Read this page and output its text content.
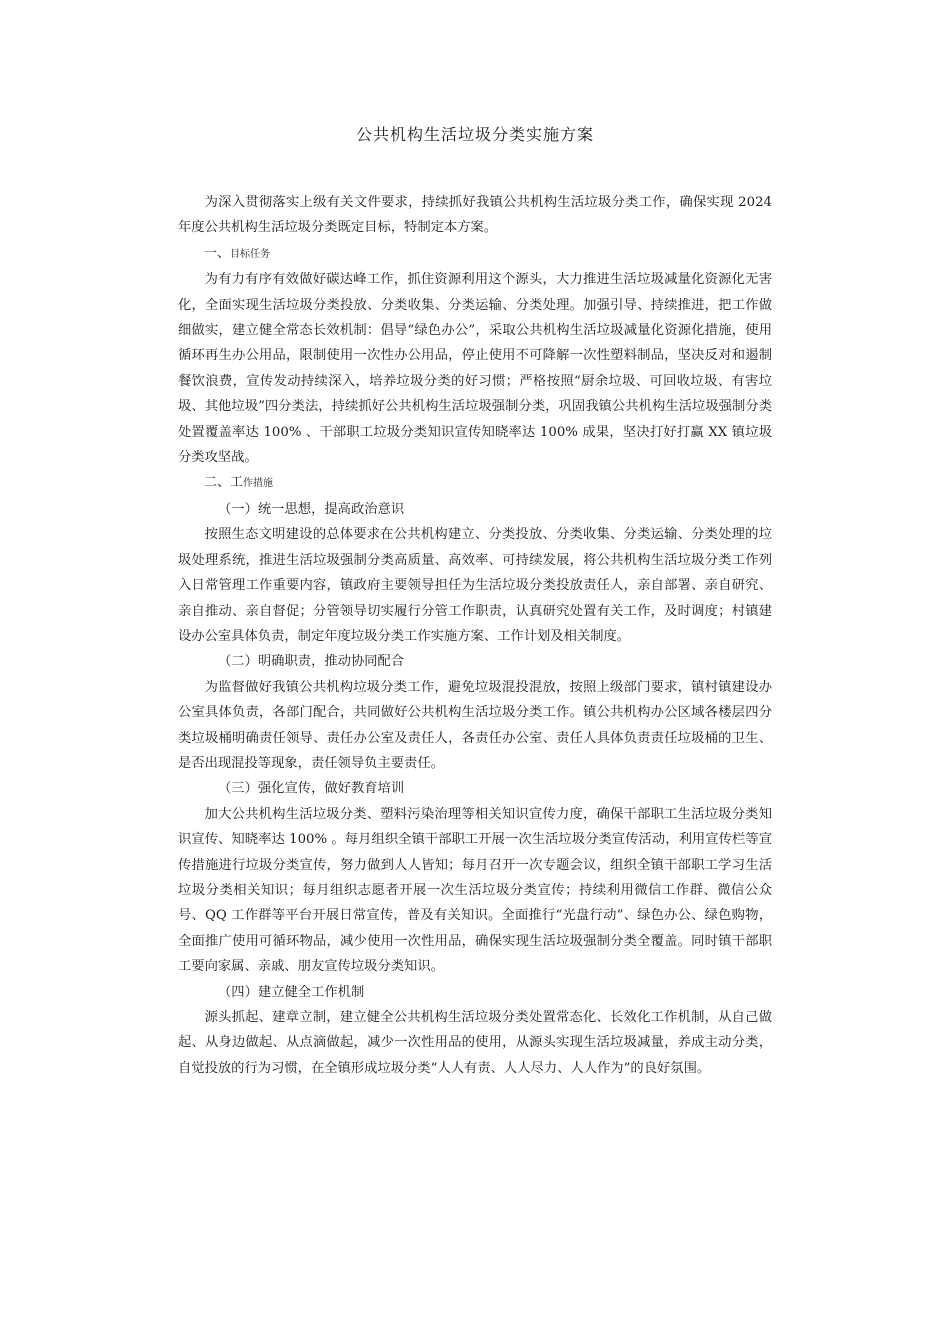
公共机构生活垃圾分类实施方案

为深入贯彻落实上级有关文件要求，持续抓好我镇公共机构生活垃圾分类工作，确保实现 2024 年度公共机构生活垃圾分类既定目标，特制定本方案。

一、目标任务

为有力有序有效做好碳达峰工作，抓住资源利用这个源头，大力推进生活垃圾减量化资源化无害化，全面实现生活垃圾分类投放、分类收集、分类运输、分类处理。加强引导、持续推进，把工作做细做实，建立健全常态长效机制：倡导“绿色办公”，采取公共机构生活垃圾减量化资源化措施，使用循环再生办公用品，限制使用一次性办公用品，停止使用不可降解一次性塑料制品，坚决反对和遏制餐饮浪费，宣传发动持续深入，培养垃圾分类的好习惯；严格按照“厨余垃圾、可回收垃圾、有害垃圾、其他垃圾”四分类法，持续抓好公共机构生活垃圾强制分类，巩固我镇公共机构生活垃圾强制分类处置覆盖率达 100% 、干部职工垃圾分类知识宣传知晓率达 100% 成果，坚决打好打赢 XX 镇垃圾分类攻坚战。

二、工作措施
（一）统一思想，提高政治意识

按照生态文明建设的总体要求在公共机构建立、分类投放、分类收集、分类运输、分类处理的垃圾处理系统，推进生活垃圾强制分类高质量、高效率、可持续发展，将公共机构生活垃圾分类工作列入日常管理工作重要内容，镇政府主要领导担任为生活垃圾分类投放责任人，亲自部署、亲自研究、亲自推动、亲自督促；分管领导切实履行分管工作职责，认真研究处置有关工作，及时调度；村镇建设办公室具体负责，制定年度垃圾分类工作实施方案、工作计划及相关制度。

（二）明确职责，推动协同配合

为监督做好我镇公共机构垃圾分类工作，避免垃圾混投混放，按照上级部门要求，镇村镇建设办公室具体负责，各部门配合，共同做好公共机构生活垃圾分类工作。镇公共机构办公区域各楼层四分类垃圾桶明确责任领导、责任办公室及责任人，各责任办公室、责任人具体负责责任垃圾桶的卫生、是否出现混投等现象，责任领导负主要责任。

（三）强化宣传，做好教育培训

加大公共机构生活垃圾分类、塑料污染治理等相关知识宣传力度，确保干部职工生活垃圾分类知识宣传、知晓率达 100% 。每月组织全镇干部职工开展一次生活垃圾分类宣传活动，利用宣传栏等宣传措施进行垃圾分类宣传，努力做到人人皆知；每月召开一次专题会议，组织全镇干部职工学习生活垃圾分类相关知识；每月组织志愿者开展一次生活垃圾分类宣传；持续利用微信工作群、微信公众号、QQ 工作群等平台开展日常宣传，普及有关知识。全面推行“光盘行动”、绿色办公、绿色购物，全面推广使用可循环物品，减少使用一次性用品，确保实现生活垃圾强制分类全覆盖。同时镇干部职工要向家属、亲戚、朋友宣传垃圾分类知识。

（四）建立健全工作机制

源头抓起、建章立制，建立健全公共机构生活垃圾分类处置常态化、长效化工作机制，从自己做起、从身边做起、从点滴做起，减少一次性用品的使用，从源头实现生活垃圾减量，养成主动分类，自觉投放的行为习惯，在全镇形成垃圾分类“人人有责、人人尽力、人人作为”的良好氛围。
